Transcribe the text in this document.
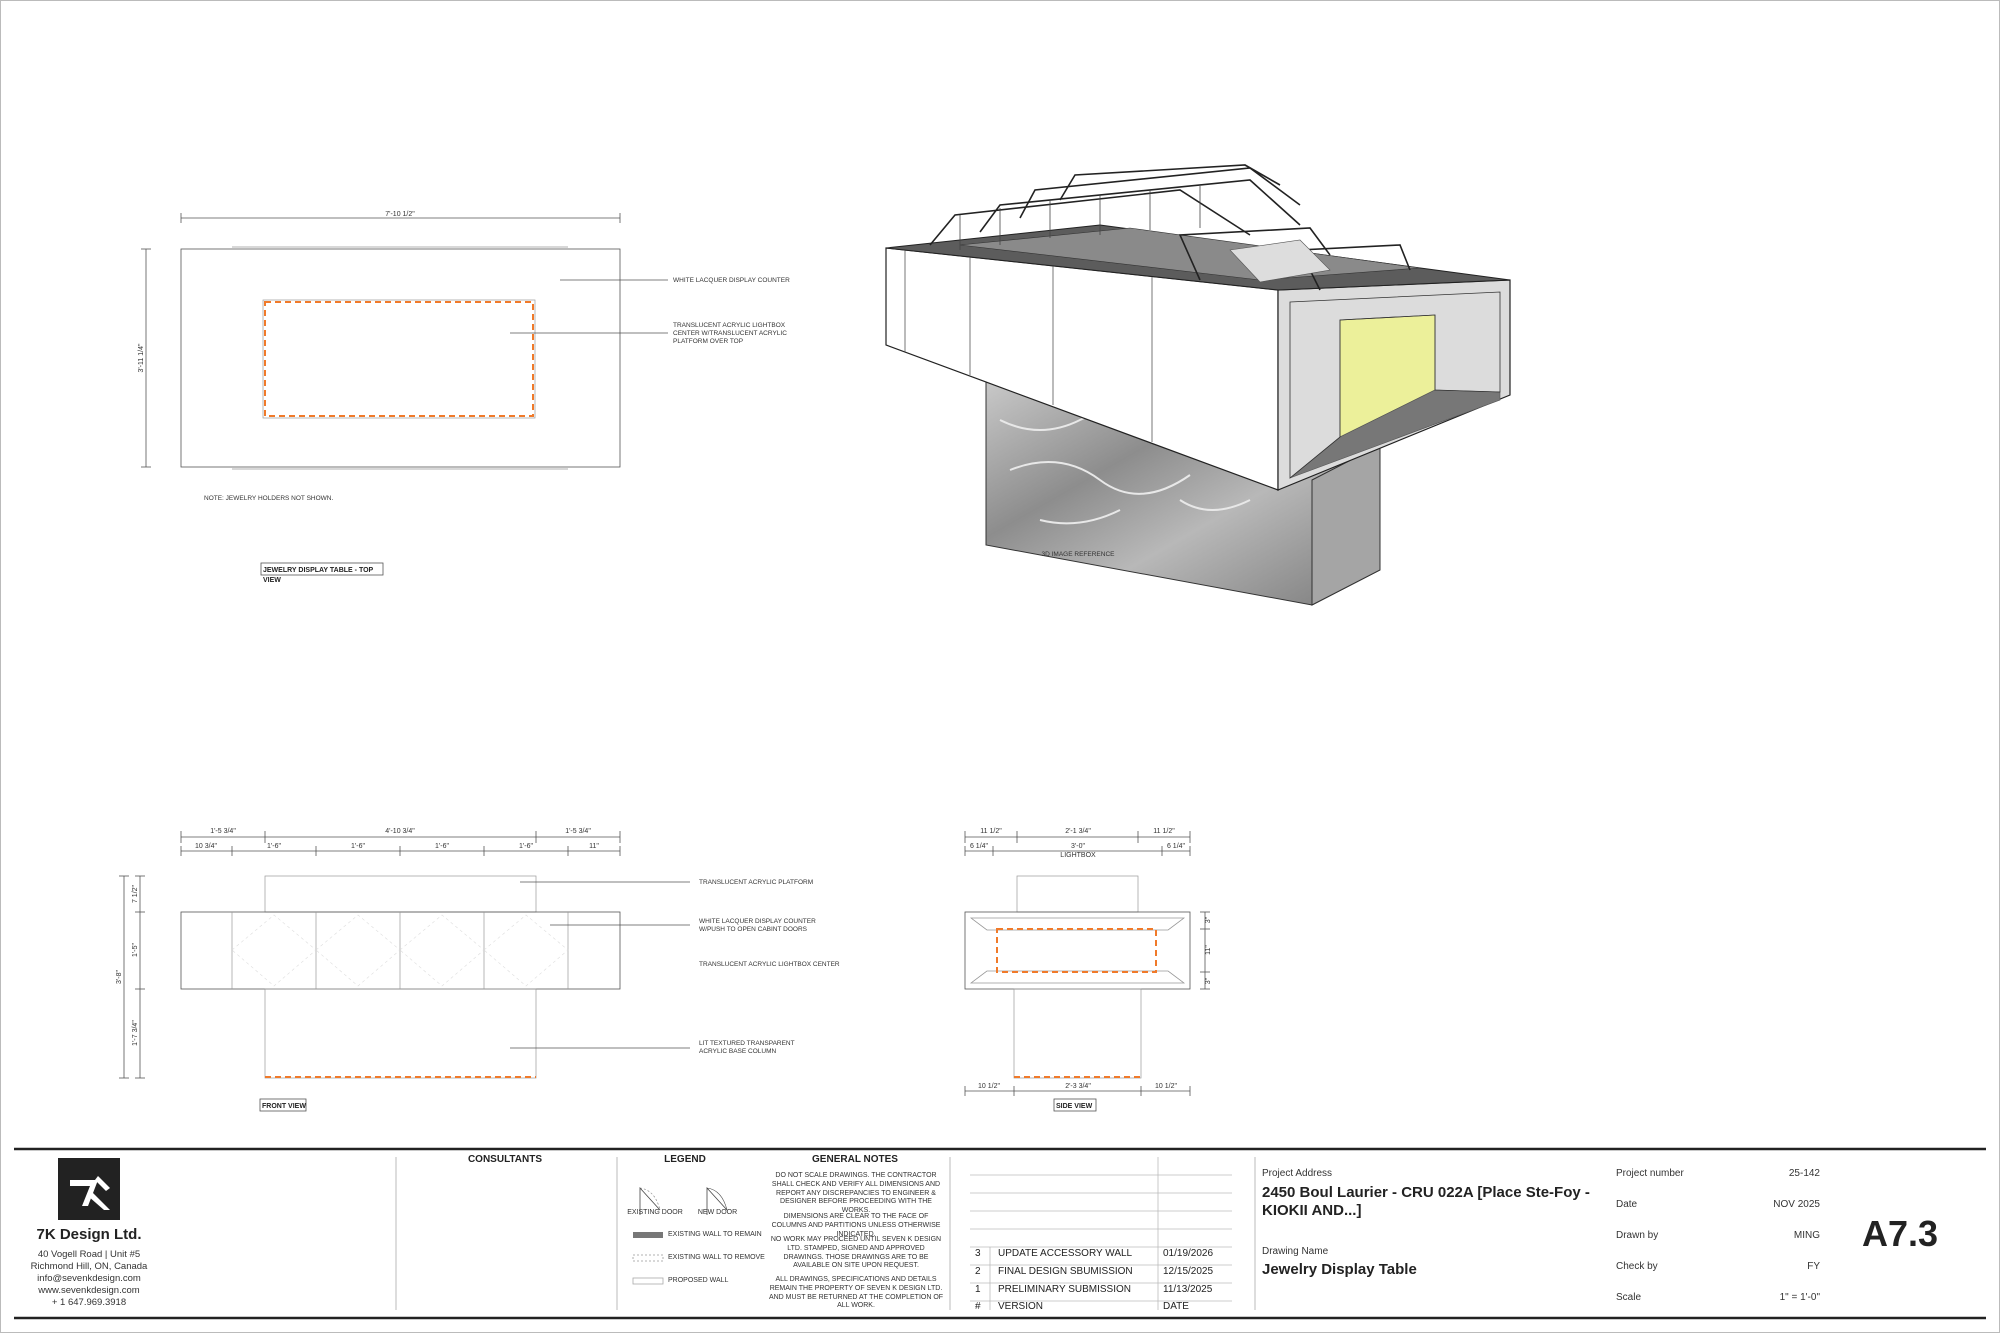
7'-10 1/2"
3'-11 1/4"
WHITE LACQUER DISPLAY COUNTER
TRANSLUCENT ACRYLIC LIGHTBOX
CENTER W/TRANSLUCENT ACRYLIC
PLATFORM OVER TOP
NOTE: JEWELRY HOLDERS NOT SHOWN.
JEWELRY DISPLAY TABLE - TOP
VIEW
3D IMAGE REFERENCE
1'-5 3/4"	4'-10 3/4"	1'-5 3/4"
10 3/4"	1'-6"	1'-6"	1'-6"	1'-6"	11"
3'-8"
7 1/2"
1'-5"
1'-7 3/4"
TRANSLUCENT ACRYLIC PLATFORM
WHITE LACQUER DISPLAY COUNTER
W/PUSH TO OPEN CABINT DOORS
TRANSLUCENT ACRYLIC LIGHTBOX CENTER
LIT TEXTURED TRANSPARENT
ACRYLIC BASE COLUMN
FRONT VIEW
11 1/2"	2'-1 3/4"	11 1/2"
6 1/4"	3'-0"	6 1/4"
LIGHTBOX
3"
11"
3"
10 1/2"	2'-3 3/4"	10 1/2"
SIDE VIEW
7K Design Ltd.
40 Vogell Road | Unit #5
Richmond Hill, ON, Canada
info@sevenkdesign.com
www.sevenkdesign.com
+ 1 647.969.3918
CONSULTANTS	LEGEND
EXISTING DOOR	NEW DOOR
EXISTING WALL TO REMAIN
EXISTING WALL TO REMOVE
PROPOSED WALL
GENERAL NOTES
DO NOT SCALE DRAWINGS. THE CONTRACTOR SHALL CHECK AND VERIFY ALL DIMENSIONS AND REPORT ANY DISCREPANCIES TO ENGINEER & DESIGNER BEFORE PROCEEDING WITH THE WORKS.
DIMENSIONS ARE CLEAR TO THE FACE OF COLUMNS AND PARTITIONS UNLESS OTHERWISE INDICATED.
NO WORK MAY PROCEED UNTIL SEVEN K DESIGN LTD. STAMPED, SIGNED AND APPROVED DRAWINGS. THOSE DRAWINGS ARE TO BE AVAILABLE ON SITE UPON REQUEST.
ALL DRAWINGS, SPECIFICATIONS AND DETAILS REMAIN THE PROPERTY OF SEVEN K DESIGN LTD. AND MUST BE RETURNED AT THE COMPLETION OF ALL WORK.
3 UPDATE ACCESSORY WALL	01/19/2026
2 FINAL DESIGN SBUMISSION	12/15/2025
1 PRELIMINARY SUBMISSION	11/13/2025
# VERSION	DATE
Project Address
2450 Boul Laurier - CRU 022A [Place Ste-Foy - KIOKII AND...]
Drawing Name
Jewelry Display Table
Project number	25-142
Date	NOV 2025
Drawn by	MING
Check by	FY
Scale	1" = 1'-0"
A7.3
